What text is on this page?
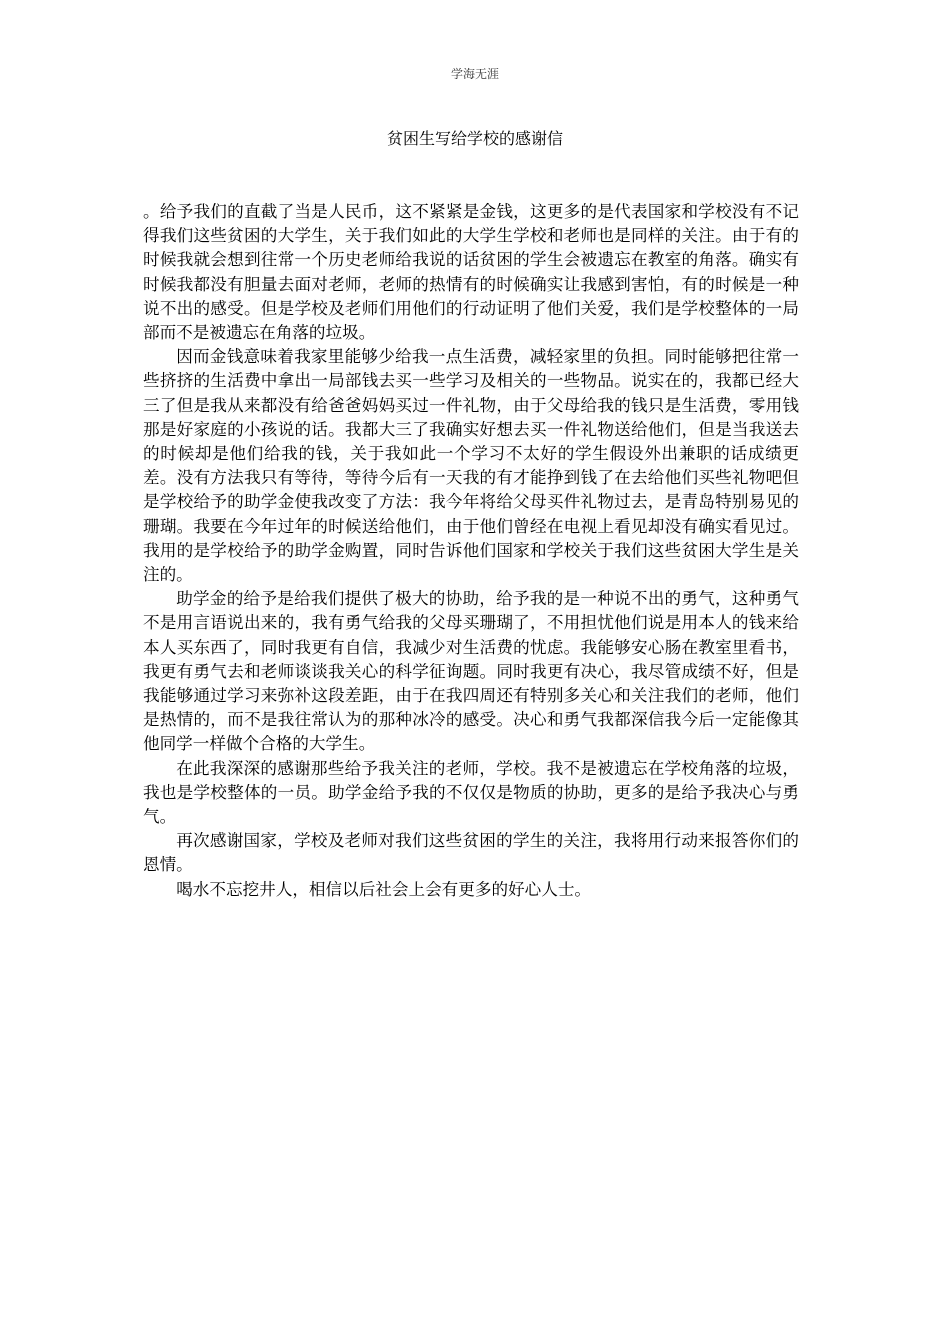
学海无涯
贫困生写给学校的感谢信

。给予我们的直截了当是人民币，这不紧紧是金钱，这更多的是代表国家和学校没有不记得我们这些贫困的大学生，关于我们如此的大学生学校和老师也是同样的关注。由于有的时候我就会想到往常一个历史老师给我说的话贫困的学生会被遗忘在教室的角落。确实有时候我都没有胆量去面对老师，老师的热情有的时候确实让我感到害怕，有的时候是一种说不出的感受。但是学校及老师们用他们的行动证明了他们关爱，我们是学校整体的一局部而不是被遗忘在角落的垃圾。

因而金钱意味着我家里能够少给我一点生活费，减轻家里的负担。同时能够把往常一些挤挤的生活费中拿出一局部钱去买一些学习及相关的一些物品。说实在的，我都已经大三了但是我从来都没有给爸爸妈妈买过一件礼物，由于父母给我的钱只是生活费，零用钱那是好家庭的小孩说的话。我都大三了我确实好想去买一件礼物送给他们，但是当我送去的时候却是他们给我的钱，关于我如此一个学习不太好的学生假设外出兼职的话成绩更差。没有方法我只有等待，等待今后有一天我的有才能挣到钱了在去给他们买些礼物吧但是学校给予的助学金使我改变了方法：我今年将给父母买件礼物过去，是青岛特别易见的珊瑚。我要在今年过年的时候送给他们，由于他们曾经在电视上看见却没有确实看见过。我用的是学校给予的助学金购置，同时告诉他们国家和学校关于我们这些贫困大学生是关注的。

助学金的给予是给我们提供了极大的协助，给予我的是一种说不出的勇气，这种勇气不是用言语说出来的，我有勇气给我的父母买珊瑚了，不用担忧他们说是用本人的钱来给本人买东西了，同时我更有自信，我减少对生活费的忧虑。我能够安心肠在教室里看书，我更有勇气去和老师谈谈我关心的科学征询题。同时我更有决心，我尽管成绩不好，但是我能够通过学习来弥补这段差距，由于在我四周还有特别多关心和关注我们的老师，他们是热情的，而不是我往常认为的那种冰冷的感受。决心和勇气我都深信我今后一定能像其他同学一样做个合格的大学生。

在此我深深的感谢那些给予我关注的老师，学校。我不是被遗忘在学校角落的垃圾，我也是学校整体的一员。助学金给予我的不仅仅是物质的协助，更多的是给予我决心与勇气。

再次感谢国家，学校及老师对我们这些贫困的学生的关注，我将用行动来报答你们的恩情。

喝水不忘挖井人，相信以后社会上会有更多的好心人士。
